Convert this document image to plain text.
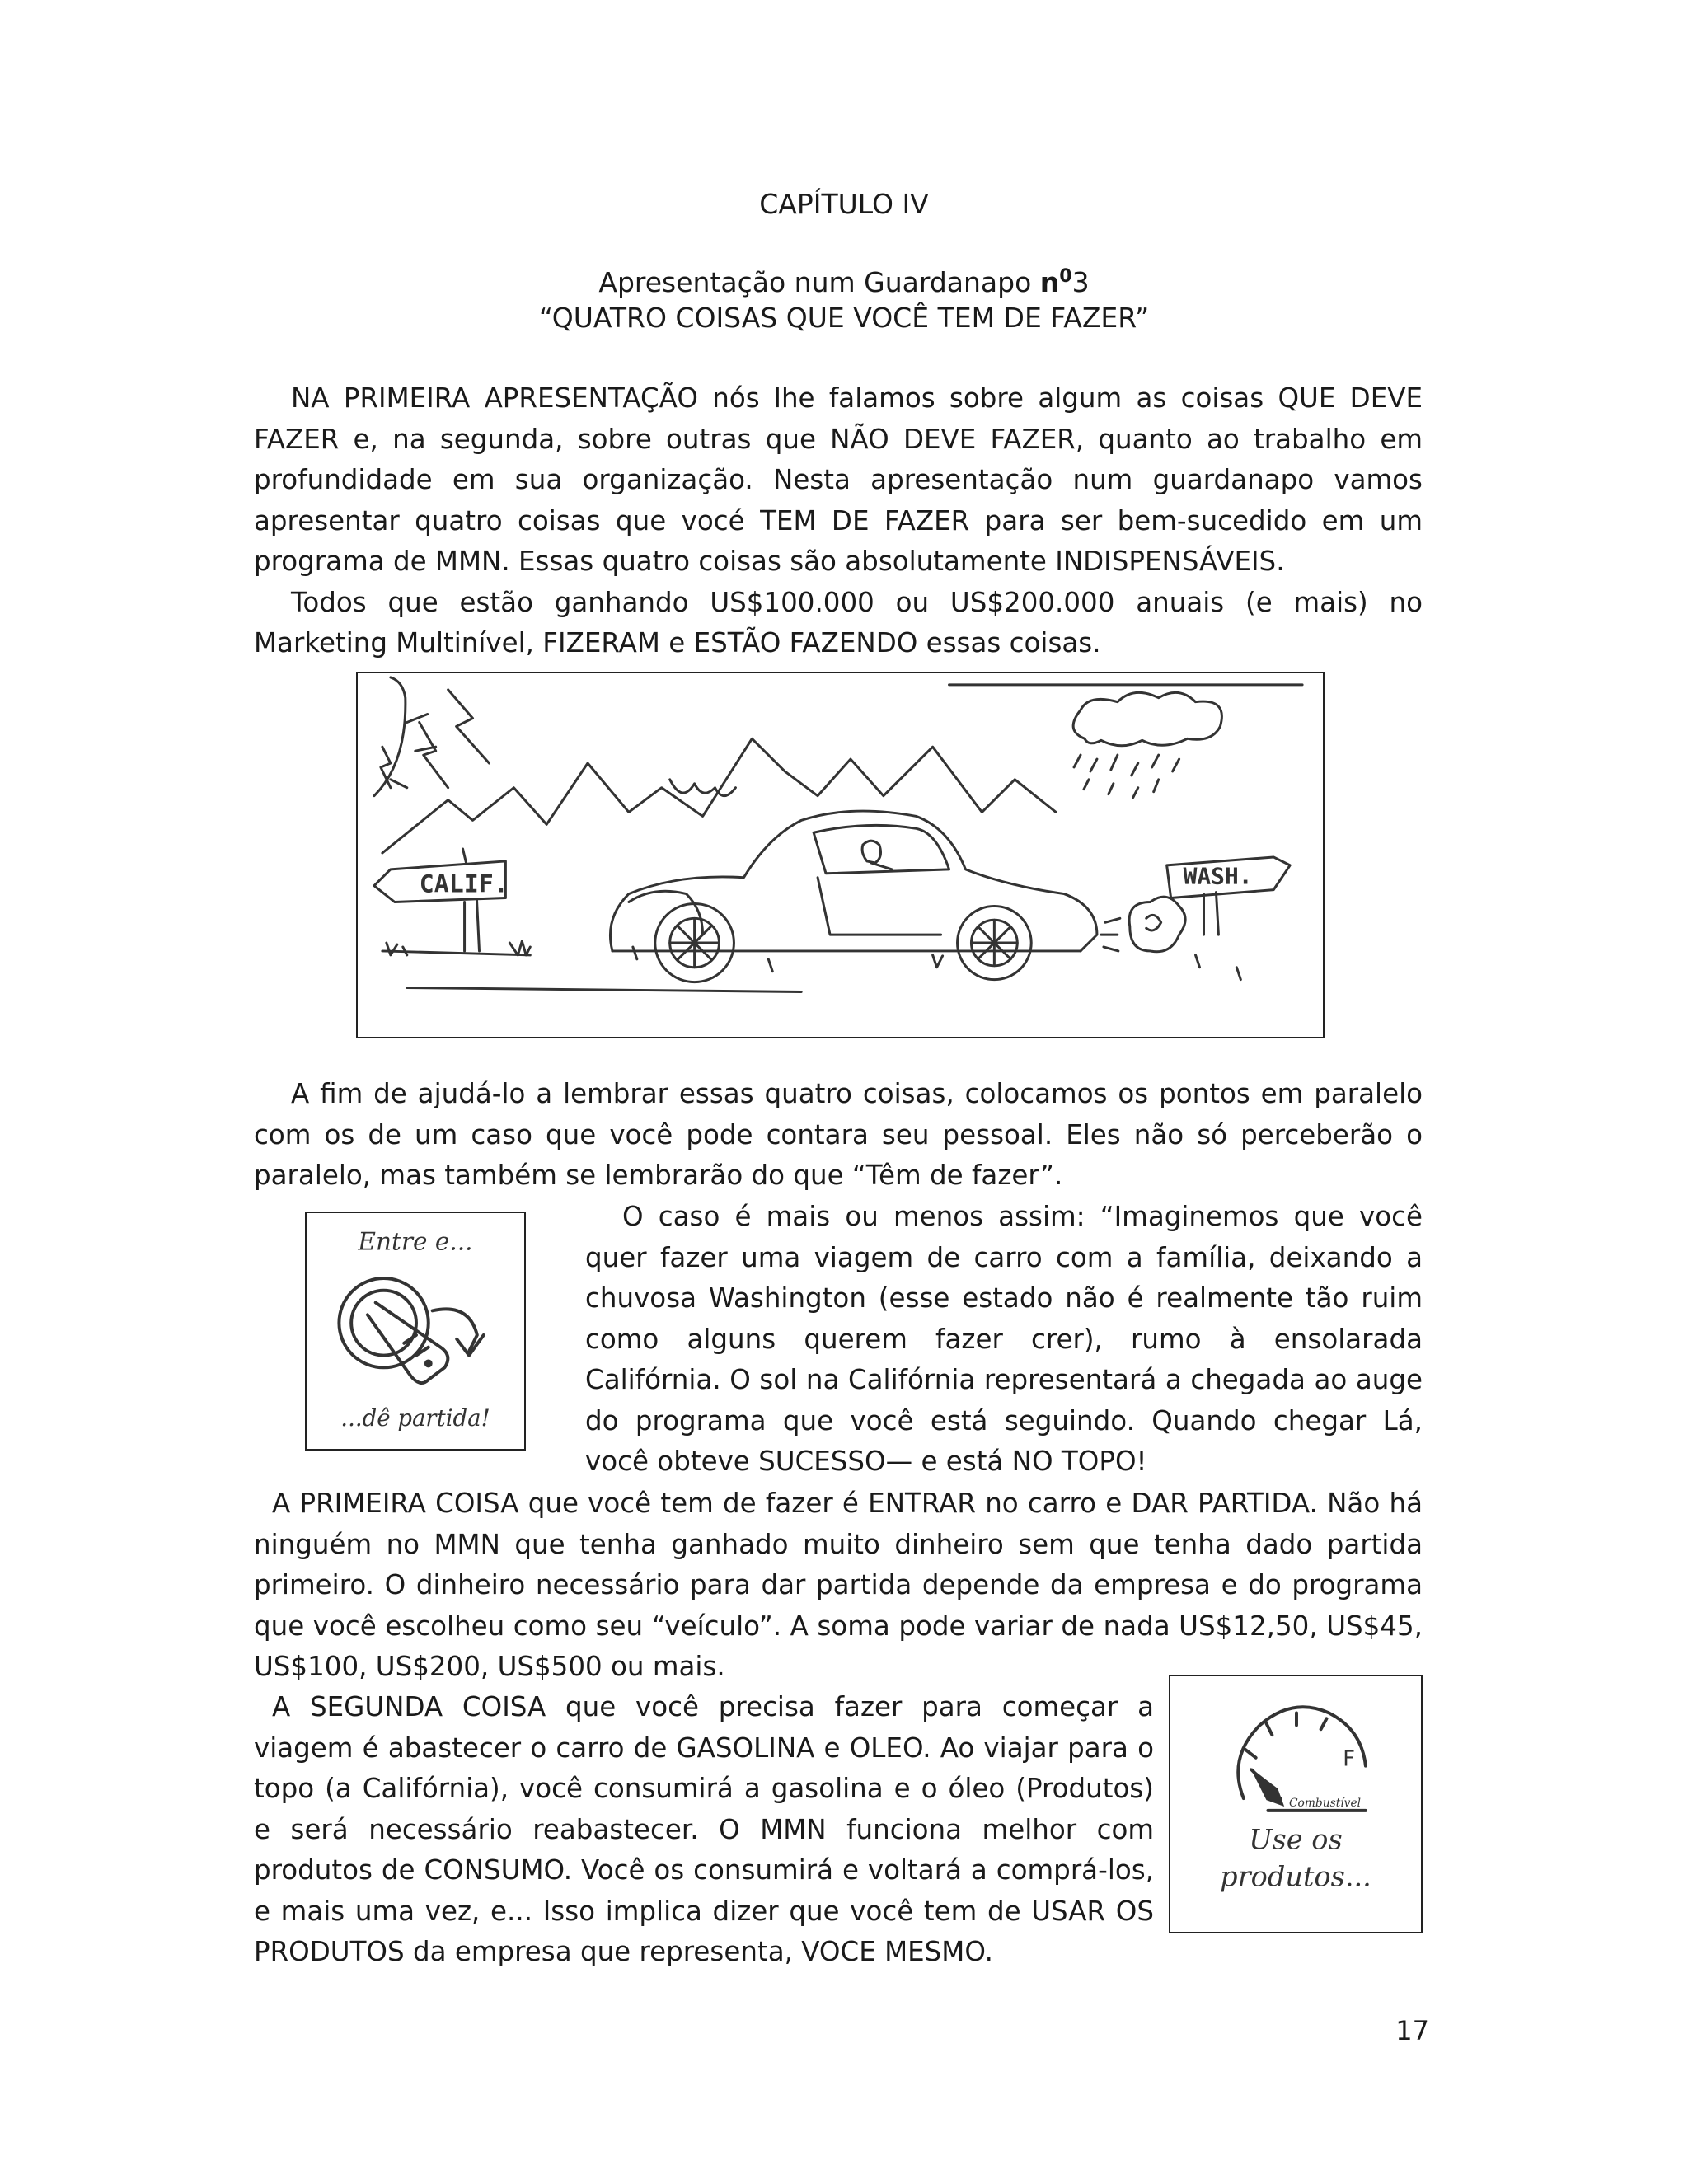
CAPÍTULO IV
Apresentação num Guardanapo $n^03$
“QUATRO COISAS QUE VOCÊ TEM DE FAZER”

NA PRIMEIRA APRESENTAÇÃO nós lhe falamos sobre algum as coisas QUE DEVE FAZER e, na segunda, sobre outras que NÃO DEVE FAZER, quanto ao trabalho em profundidade em sua organização. Nesta apresentação num guardanapo vamos apresentar quatro coisas que vocé TEM DE FAZER para ser bem-sucedido em um programa de MMN. Essas quatro coisas são absolutamente INDISPENSÁVEIS.

Todos que estão ganhando US$100.000 ou US$200.000 anuais (e mais) no Marketing Multinível, FIZERAM e ESTÃO FAZENDO essas coisas.

CALIF.	WASH.

A fim de ajudá-lo a lembrar essas quatro coisas, colocamos os pontos em paralelo com os de um caso que você pode contara seu pessoal. Eles não só perceberão o paralelo, mas também se lembrarão do que “Têm de fazer”.

Entre e...
...dê partida!

O caso é mais ou menos assim: “Imaginemos que você quer fazer uma viagem de carro com a família, deixando a chuvosa Washington (esse estado não é realmente tão ruim como alguns querem fazer crer), rumo à ensolarada Califórnia. O sol na Califórnia representará a chegada ao auge do programa que você está seguindo. Quando chegar Lá, você obteve SUCESSO— e está NO TOPO!

A PRIMEIRA COISA que você tem de fazer é ENTRAR no carro e DAR PARTIDA. Não há ninguém no MMN que tenha ganhado muito dinheiro sem que tenha dado partida primeiro. O dinheiro necessário para dar partida depende da empresa e do programa que você escolheu como seu “veículo”. A soma pode variar de nada US$12,50, US$45, US$100, US$200, US$500 ou mais.

A SEGUNDA COISA que você precisa fazer para começar a viagem é abastecer o carro de GASOLINA e OLEO. Ao viajar para o topo (a Califórnia), você consumirá a gasolina e o óleo (Produtos) e será necessário reabastecer. O MMN funciona melhor com produtos de CONSUMO. Você os consumirá e voltará a comprá-los, e mais uma vez, e... Isso implica dizer que você tem de USAR OS PRODUTOS da empresa que representa, VOCE MESMO.

F
Combustível
Use os
produtos...
17
